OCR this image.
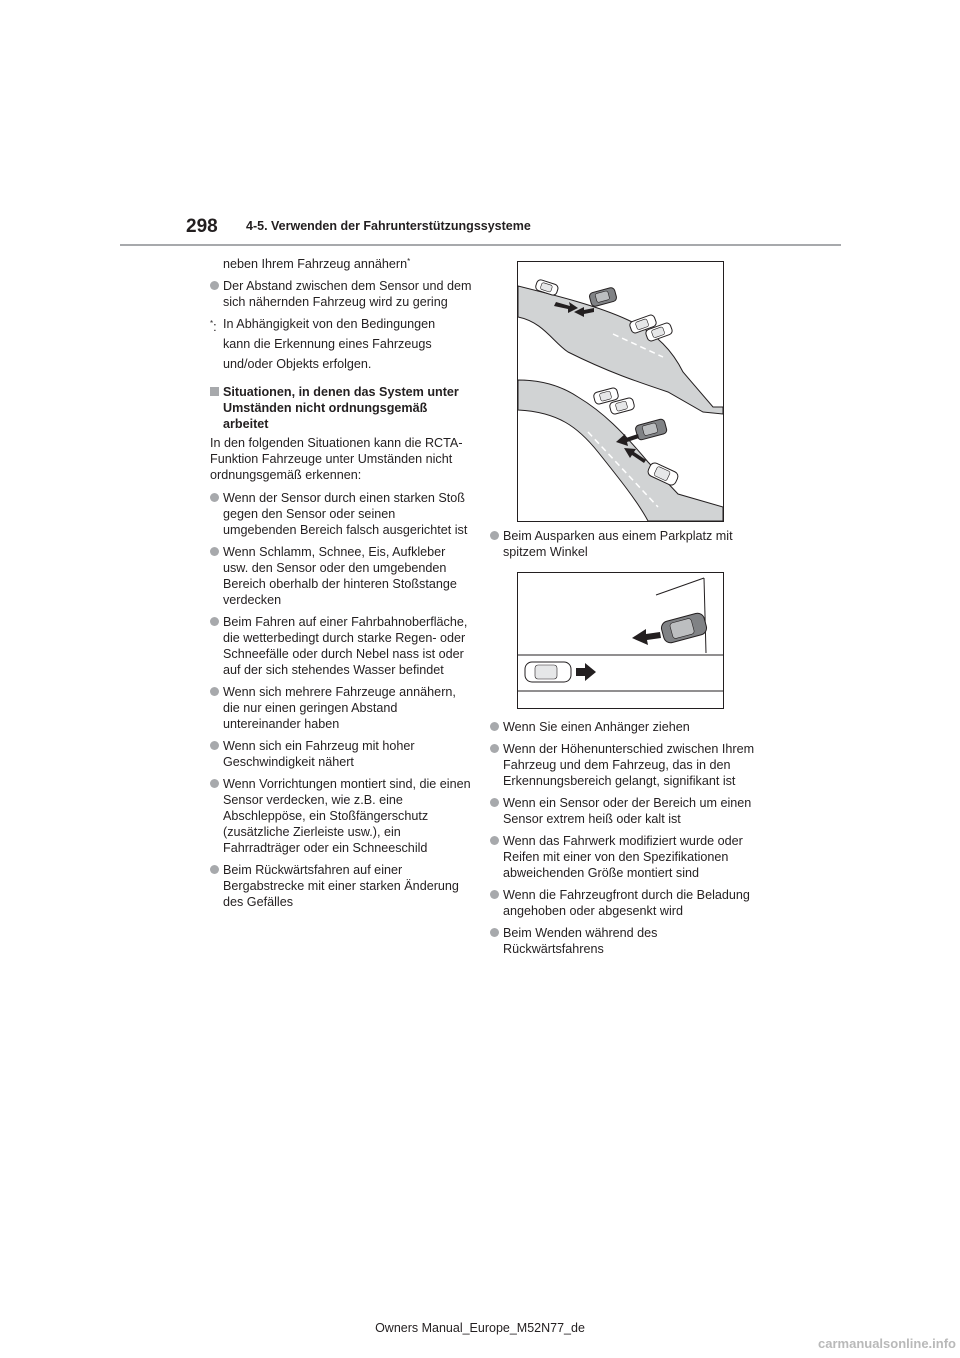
298 4-5. Verwenden der Fahrunterstützungssysteme
neben Ihrem Fahrzeug annähern*
Der Abstand zwischen dem Sensor und dem sich nähernden Fahrzeug wird zu gering
*: In Abhängigkeit von den Bedingungen
kann die Erkennung eines Fahrzeugs
und/oder Objekts erfolgen.
Situationen, in denen das System unter Umständen nicht ordnungsgemäß arbeitet
In den folgenden Situationen kann die RCTA-Funktion Fahrzeuge unter Umständen nicht ordnungsgemäß erkennen:
Wenn der Sensor durch einen starken Stoß gegen den Sensor oder seinen umgebenden Bereich falsch ausgerichtet ist
Wenn Schlamm, Schnee, Eis, Aufkleber usw. den Sensor oder den umgebenden Bereich oberhalb der hinteren Stoßstange verdecken
Beim Fahren auf einer Fahrbahnoberfläche, die wetterbedingt durch starke Regen- oder Schneefälle oder durch Nebel nass ist oder auf der sich stehendes Wasser befindet
Wenn sich mehrere Fahrzeuge annähern, die nur einen geringen Abstand untereinander haben
Wenn sich ein Fahrzeug mit hoher Geschwindigkeit nähert
Wenn Vorrichtungen montiert sind, die einen Sensor verdecken, wie z.B. eine Abschleppöse, ein Stoßfängerschutz (zusätzliche Zierleiste usw.), ein Fahrradträger oder ein Schneeschild
Beim Rückwärtsfahren auf einer Bergabstrecke mit einer starken Änderung des Gefälles
Beim Ausparken aus einem Parkplatz mit spitzem Winkel
Wenn Sie einen Anhänger ziehen
Wenn der Höhenunterschied zwischen Ihrem Fahrzeug und dem Fahrzeug, das in den Erkennungsbereich gelangt, signifikant ist
Wenn ein Sensor oder der Bereich um einen Sensor extrem heiß oder kalt ist
Wenn das Fahrwerk modifiziert wurde oder Reifen mit einer von den Spezifikationen abweichenden Größe montiert sind
Wenn die Fahrzeugfront durch die Beladung angehoben oder abgesenkt wird
Beim Wenden während des Rückwärtsfahrens
Owners Manual_Europe_M52N77_de
carmanualsonline.info
